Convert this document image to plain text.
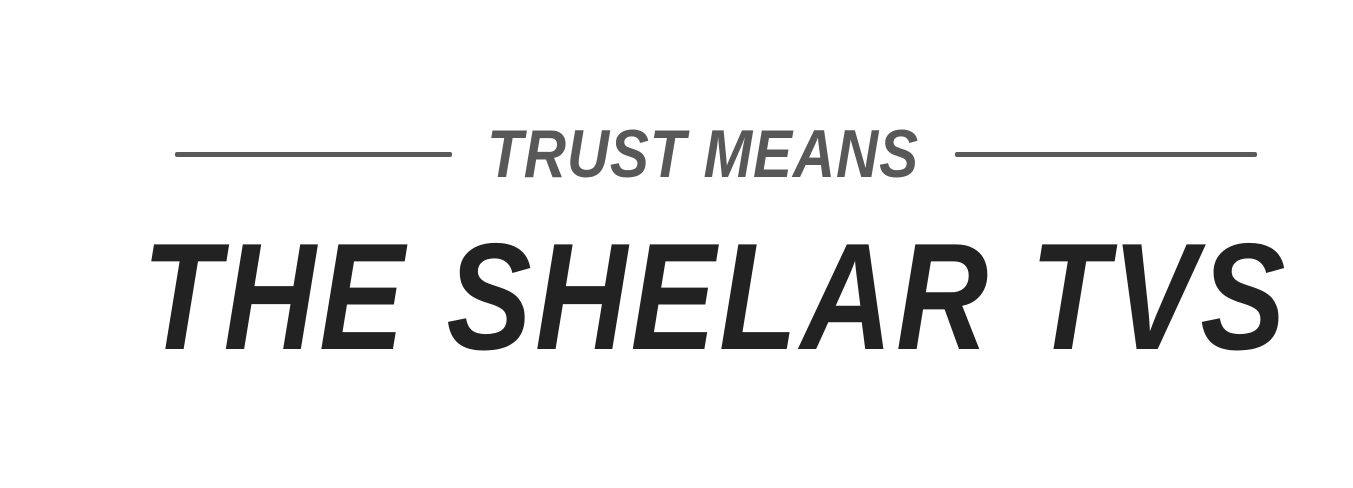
TRUST MEANS
THE SHELAR TVS
